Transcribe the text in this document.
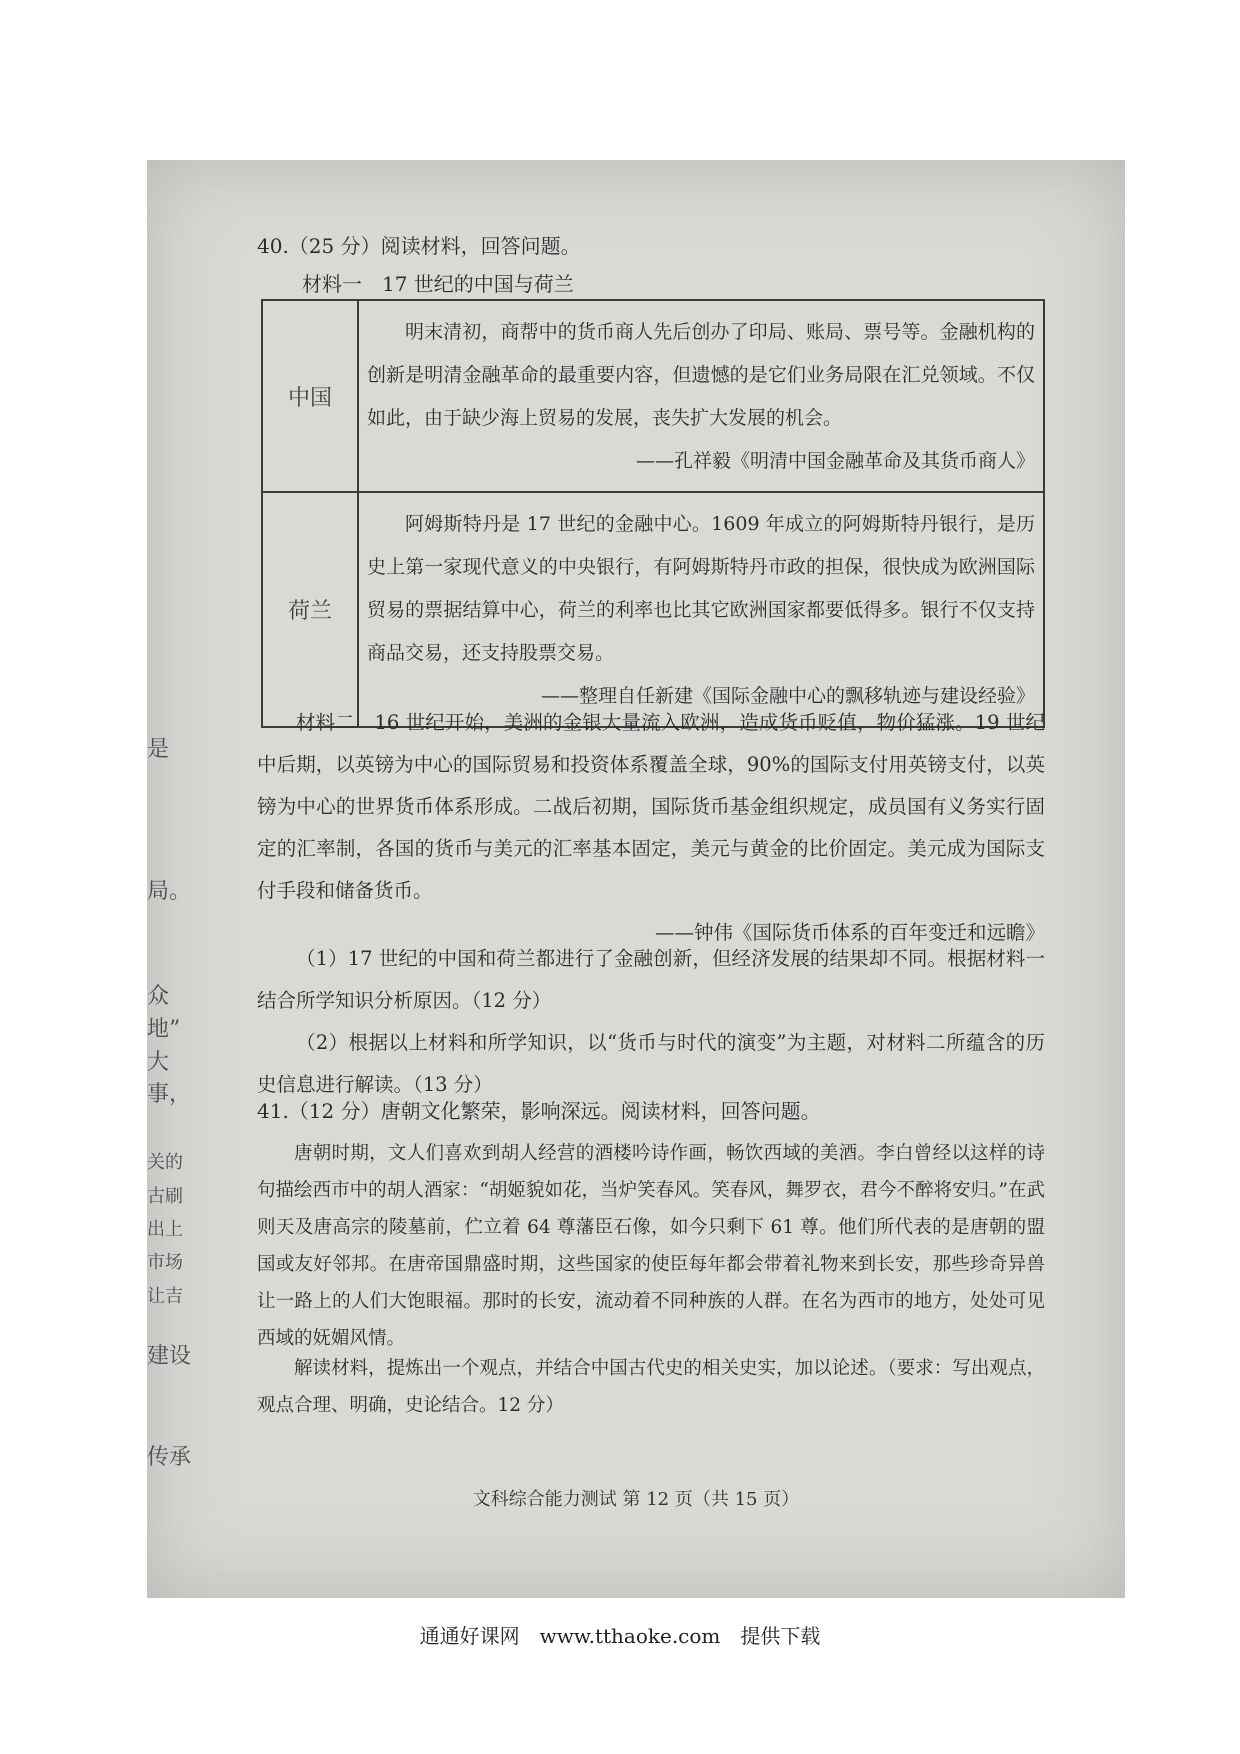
是
局。
众
地”
大
事，
关的
古刷
出上
市场
让吉
建设
传承
40.（25 分）阅读材料，回答问题。
材料一　17 世纪的中国与荷兰
中国	明末清初，商帮中的货币商人先后创办了印局、账局、票号等。金融机构的创新是明清金融革命的最重要内容，但遗憾的是它们业务局限在汇兑领域。不仅如此，由于缺少海上贸易的发展，丧失扩大发展的机会。
——孔祥毅《明清中国金融革命及其货币商人》

荷兰	阿姆斯特丹是 17 世纪的金融中心。1609 年成立的阿姆斯特丹银行，是历史上第一家现代意义的中央银行，有阿姆斯特丹市政的担保，很快成为欧洲国际贸易的票据结算中心，荷兰的利率也比其它欧洲国家都要低得多。银行不仅支持商品交易，还支持股票交易。
——整理自任新建《国际金融中心的飘移轨迹与建设经验》
材料二　16 世纪开始，美洲的金银大量流入欧洲，造成货币贬值，物价猛涨。19 世纪中后期，以英镑为中心的国际贸易和投资体系覆盖全球，90%的国际支付用英镑支付，以英镑为中心的世界货币体系形成。二战后初期，国际货币基金组织规定，成员国有义务实行固定的汇率制，各国的货币与美元的汇率基本固定，美元与黄金的比价固定。美元成为国际支付手段和储备货币。
——钟伟《国际货币体系的百年变迁和远瞻》
（1）17 世纪的中国和荷兰都进行了金融创新，但经济发展的结果却不同。根据材料一结合所学知识分析原因。（12 分）
（2）根据以上材料和所学知识，以“货币与时代的演变”为主题，对材料二所蕴含的历史信息进行解读。（13 分）
41.（12 分）唐朝文化繁荣，影响深远。阅读材料，回答问题。
唐朝时期，文人们喜欢到胡人经营的酒楼吟诗作画，畅饮西域的美酒。李白曾经以这样的诗句描绘西市中的胡人酒家：“胡姬貌如花，当炉笑春风。笑春风，舞罗衣，君今不醉将安归。”在武则天及唐高宗的陵墓前，伫立着 64 尊藩臣石像，如今只剩下 61 尊。他们所代表的是唐朝的盟国或友好邻邦。在唐帝国鼎盛时期，这些国家的使臣每年都会带着礼物来到长安，那些珍奇异兽让一路上的人们大饱眼福。那时的长安，流动着不同种族的人群。在名为西市的地方，处处可见西域的妩媚风情。
解读材料，提炼出一个观点，并结合中国古代史的相关史实，加以论述。（要求：写出观点，观点合理、明确，史论结合。12 分）
文科综合能力测试 第 12 页（共 15 页）
通通好课网　www.tthaoke.com　提供下载
